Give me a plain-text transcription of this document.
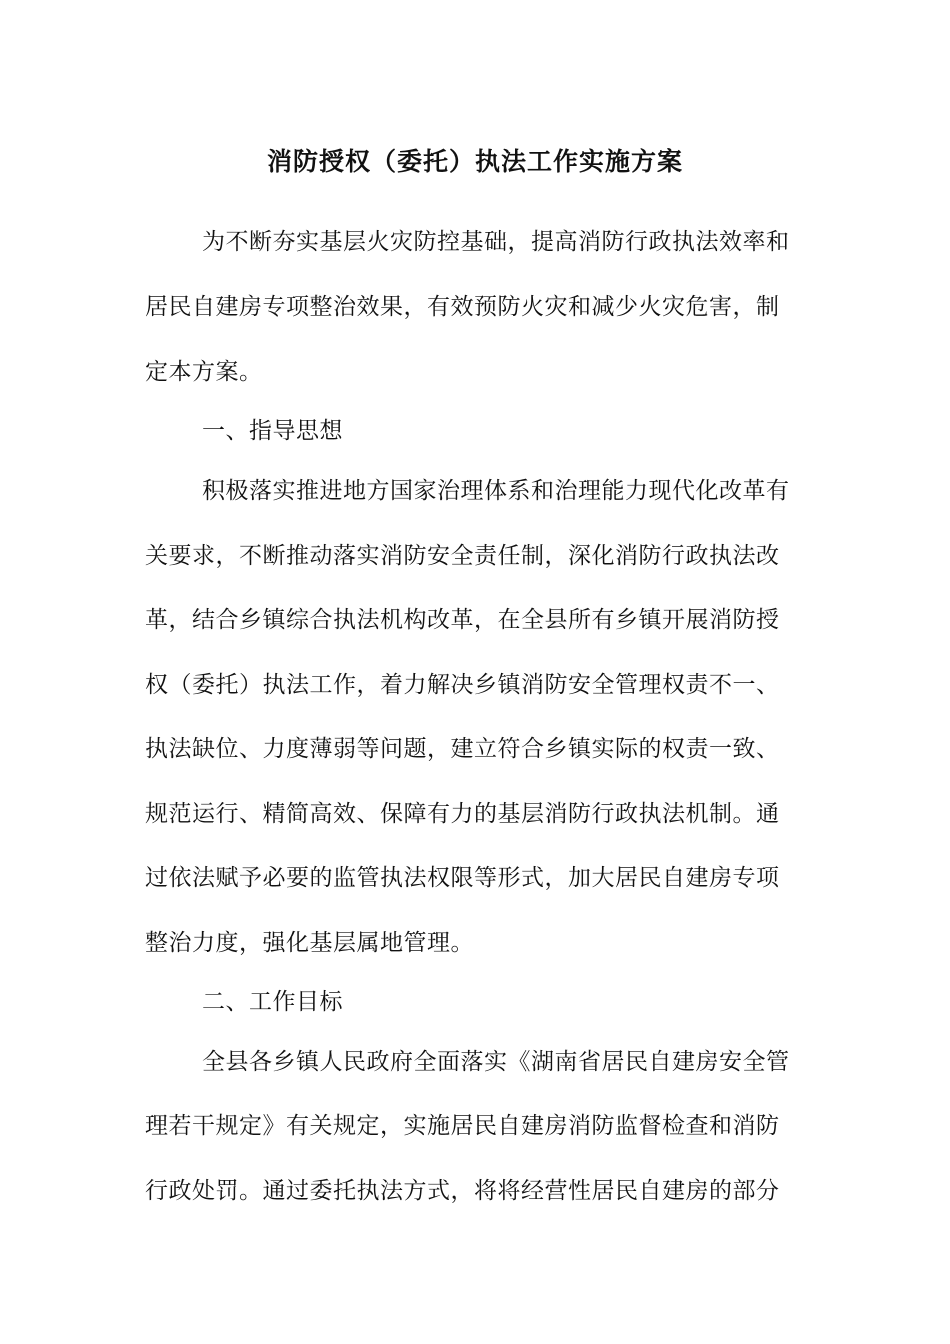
消防授权（委托）执法工作实施方案
为不断夯实基层火灾防控基础，提高消防行政执法效率和
居民自建房专项整治效果，有效预防火灾和减少火灾危害，制
定本方案。
一、指导思想
积极落实推进地方国家治理体系和治理能力现代化改革有
关要求，不断推动落实消防安全责任制，深化消防行政执法改
革，结合乡镇综合执法机构改革，在全县所有乡镇开展消防授
权（委托）执法工作，着力解决乡镇消防安全管理权责不一、
执法缺位、力度薄弱等问题，建立符合乡镇实际的权责一致、
规范运行、精简高效、保障有力的基层消防行政执法机制。通
过依法赋予必要的监管执法权限等形式，加大居民自建房专项
整治力度，强化基层属地管理。
二、工作目标
全县各乡镇人民政府全面落实《湖南省居民自建房安全管
理若干规定》有关规定，实施居民自建房消防监督检查和消防
行政处罚。通过委托执法方式，将将经营性居民自建房的部分
